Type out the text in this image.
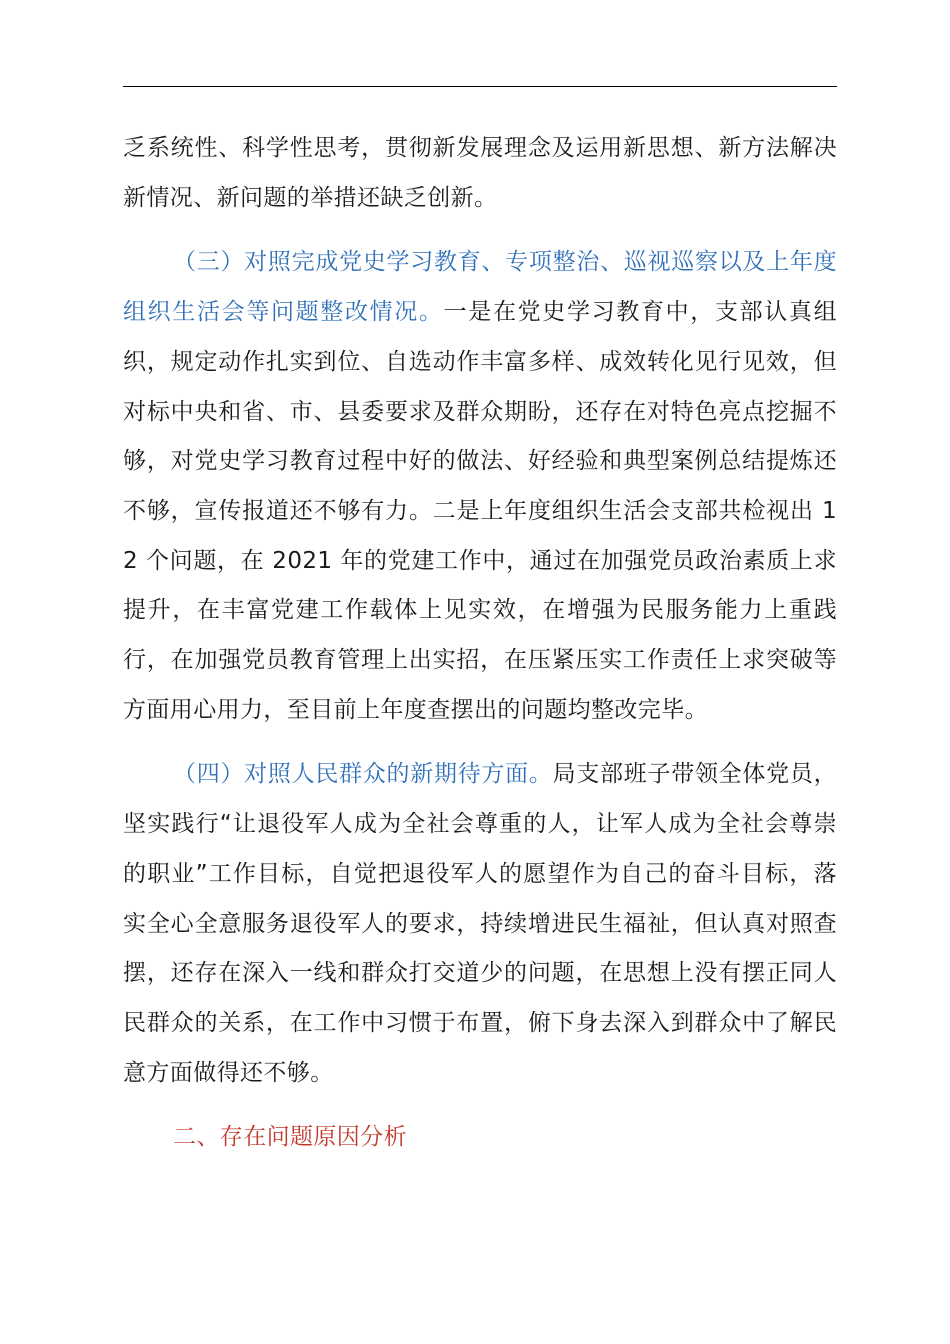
乏系统性、科学性思考，贯彻新发展理念及运用新思想、新方法解决新情况、新问题的举措还缺乏创新。

（三）对照完成党史学习教育、专项整治、巡视巡察以及上年度组织生活会等问题整改情况。一是在党史学习教育中，支部认真组织，规定动作扎实到位、自选动作丰富多样、成效转化见行见效，但对标中央和省、市、县委要求及群众期盼，还存在对特色亮点挖掘不够，对党史学习教育过程中好的做法、好经验和典型案例总结提炼还不够，宣传报道还不够有力。二是上年度组织生活会支部共检视出 12 个问题，在 2021 年的党建工作中，通过在加强党员政治素质上求提升，在丰富党建工作载体上见实效，在增强为民服务能力上重践行，在加强党员教育管理上出实招，在压紧压实工作责任上求突破等方面用心用力，至目前上年度查摆出的问题均整改完毕。

（四）对照人民群众的新期待方面。局支部班子带领全体党员，坚实践行“让退役军人成为全社会尊重的人，让军人成为全社会尊崇的职业”工作目标，自觉把退役军人的愿望作为自己的奋斗目标，落实全心全意服务退役军人的要求，持续增进民生福祉，但认真对照查摆，还存在深入一线和群众打交道少的问题，在思想上没有摆正同人民群众的关系，在工作中习惯于布置，俯下身去深入到群众中了解民意方面做得还不够。

二、存在问题原因分析
